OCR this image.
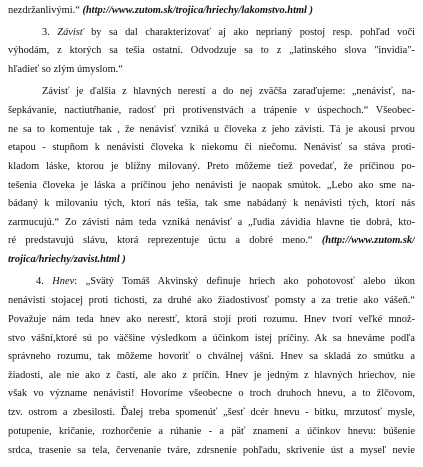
nezdržanlivými.“ (http://www.zutom.sk/trojica/hriechy/lakomstvo.html )
3. Závisť by sa dal charakterizovať aj ako neprianý postoj resp. pohľad voči
výhodám, z ktorých sa tešia ostatní. Odvodzuje sa to z „latinského slova "invidia"-
hľadieť so zlým úmyslom.“
Závisť je ďalšia z hlavných nerestí a do nej zväčša zaraďujeme: „nenávisť, na-
šepkávanie, nactiutŕhanie, radosť pri protivenstvách a trápenie v úspechoch.“ Všeobec-
ne sa to komentuje tak , že nenávisť vzniká u človeka z jeho závisti. Tá je akousi prvou
etapou - stupňom k nenávisti človeka k niekomu či niečomu. Nenávisť sa stáva proti-
kladom láske, ktorou je blížny milovaný. Preto môžeme tiež povedať, že príčinou po-
tešenia človeka je láska a príčinou jeho nenávisti je naopak smútok. „Lebo ako sme na-
bádaný k milovaniu tých, ktorí nás tešia, tak sme nabádaný k nenávisti tých, ktorí nás
zarmucujú.“ Zo závisti nám teda vzniká nenávisť a „ľudia závidia hlavne tie dobrá, kto-
ré predstavujú slávu, ktorá reprezentuje úctu a dobré meno.“ (http://www.zutom.sk/
trojica/hriechy/zavist.html )
4. Hnev: „Svätý Tomáš Akvinský definuje hriech ako pohotovosť alebo úkon
nenávisti stojacej proti tichosti, za druhé ako žiadostivosť pomsty a za tretie ako vášeň.“
Považuje nám teda hnev ako nerestť, ktorá stojí proti rozumu. Hnev tvorí veľké množ-
stvo vášní,ktoré sú po väčšine výsledkom a účinkom istej príčiny. Ak sa hneváme podľa
správneho rozumu, tak môžeme hovoriť o chválnej vášni. Hnev sa skladá zo smútku a
žiadosti, ale nie ako z častí, ale ako z príčin. Hnev je jedným z hlavných hriechov, nie
však vo význame nenávisti! Hovoríme všeobecne o troch druhoch hnevu, a to žlčovom,
tzv. ostrom a zbesilosti. Ďalej treba spomenúť „šesť dcér hnevu - bitku, mrzutosť mysle,
potupenie, kričanie, rozhorčenie a rúhanie - a päť znamení a účinkov hnevu: búšenie
srdca, trasenie sa tela, červenanie tváre, zdrsnenie pohľadu, skrivenie úst a myseľ nevie
